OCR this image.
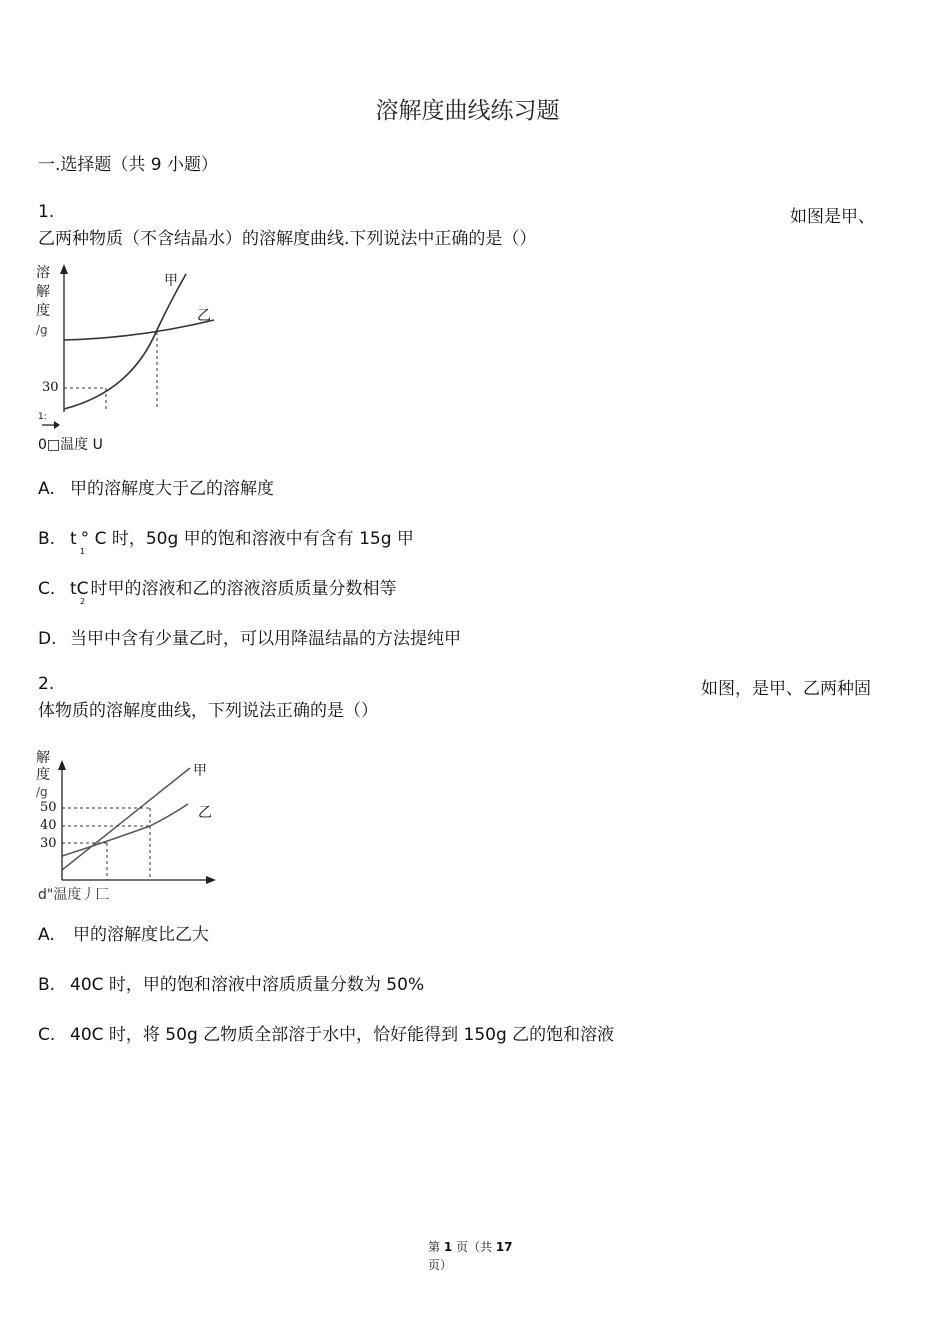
溶解度曲线练习题
一.选择题（共 9 小题）
1.	如图是甲、
乙两种物质（不含结晶水）的溶解度曲线.下列说法中正确的是（）
溶
解
度
/g
30
甲
乙
1:
0□温度 U
A. 甲的溶解度大于乙的溶解度
B. t
1
° C 时，50g 甲的饱和溶液中有含有 15g 甲
C. tC
2
时甲的溶液和乙的溶液溶质质量分数相等
D. 当甲中含有少量乙时，可以用降温结晶的方法提纯甲
2.	如图，是甲、乙两种固
体物质的溶解度曲线，下列说法正确的是（）
解
度
/g
50
40
30
甲
乙
d"温度丿匚
A. 甲的溶解度比乙大
B. 40C 时，甲的饱和溶液中溶质质量分数为 50%
C. 40C 时，将 50g 乙物质全部溶于水中，恰好能得到 150g 乙的饱和溶液
第 1 页（共 17
页）
